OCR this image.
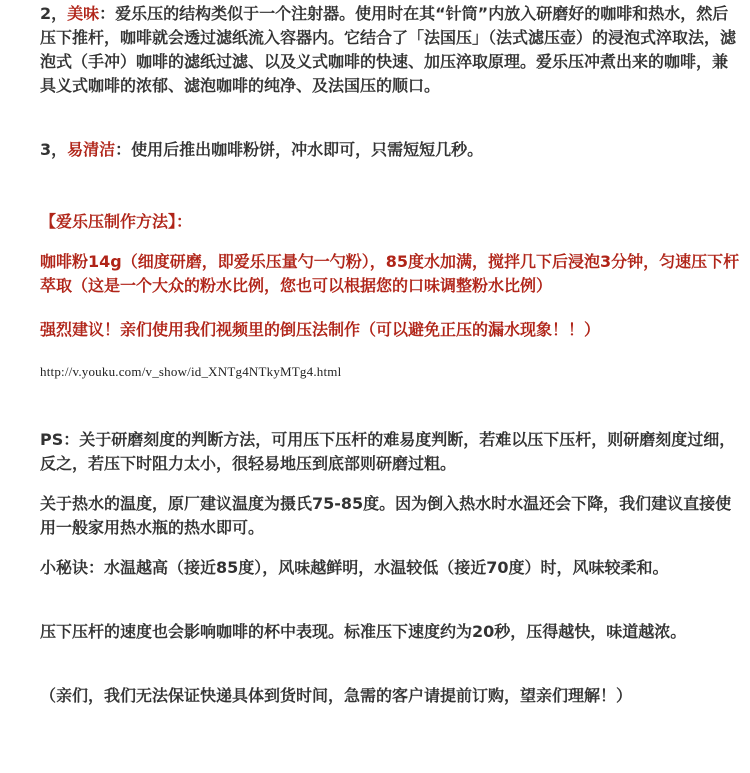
2，美味：爱乐压的结构类似于一个注射器。使用时在其“针筒”内放入研磨好的咖啡和热水，然后压下推杆，咖啡就会透过滤纸流入容器内。它结合了「法国压」（法式滤压壶）的浸泡式淬取法，滤泡式（手冲）咖啡的滤纸过滤、以及义式咖啡的快速、加压淬取原理。爱乐压冲煮出来的咖啡，兼具义式咖啡的浓郁、滤泡咖啡的纯净、及法国压的顺口。

3，易清洁：使用后推出咖啡粉饼，冲水即可，只需短短几秒。

【爱乐压制作方法】：

咖啡粉14g（细度研磨，即爱乐压量勺一勺粉），85度水加满，搅拌几下后浸泡3分钟，匀速压下杆萃取（这是一个大众的粉水比例，您也可以根据您的口味调整粉水比例）

强烈建议！亲们使用我们视频里的倒压法制作（可以避免正压的漏水现象！！）

http://v.youku.com/v_show/id_XNTg4NTkyMTg4.html

PS：关于研磨刻度的判断方法，可用压下压杆的难易度判断，若难以压下压杆，则研磨刻度过细，反之，若压下时阻力太小，很轻易地压到底部则研磨过粗。

关于热水的温度，原厂建议温度为摄氏75-85度。因为倒入热水时水温还会下降，我们建议直接使用一般家用热水瓶的热水即可。

小秘诀：水温越高（接近85度），风味越鲜明，水温较低（接近70度）时，风味较柔和。

压下压杆的速度也会影响咖啡的杯中表现。标准压下速度约为20秒，压得越快，味道越浓。

（亲们，我们无法保证快递具体到货时间，急需的客户请提前订购，望亲们理解！）
